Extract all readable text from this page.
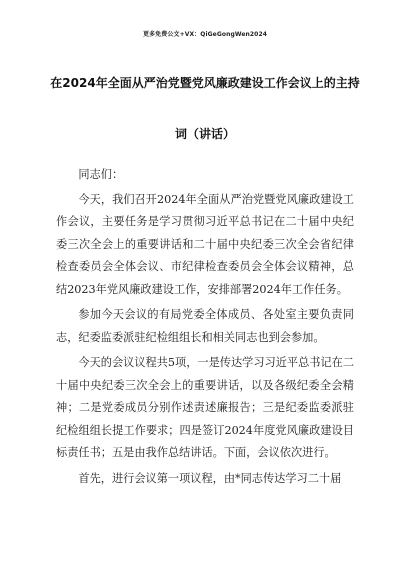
更多免费公文+VX：QiGeGongWen2024
在2024年全面从严治党暨党风廉政建设工作会议上的主持
词（讲话）

同志们：

今天，我们召开2024年全面从严治党暨党风廉政建设工作会议，主要任务是学习贯彻习近平总书记在二十届中央纪委三次全会上的重要讲话和二十届中央纪委三次全会省纪律检查委员会全体会议、市纪律检查委员会全体会议精神，总结2023年党风廉政建设工作，安排部署2024年工作任务。

参加今天会议的有局党委全体成员、各处室主要负责同志，纪委监委派驻纪检组组长和相关同志也到会参加。

今天的会议议程共5项，一是传达学习习近平总书记在二十届中央纪委三次全会上的重要讲话，以及各级纪委全会精神；二是党委成员分别作述责述廉报告；三是纪委监委派驻纪检组组长提工作要求；四是签订2024年度党风廉政建设目标责任书；五是由我作总结讲话。下面，会议依次进行。

首先，进行会议第一项议程，由*同志传达学习二十届
